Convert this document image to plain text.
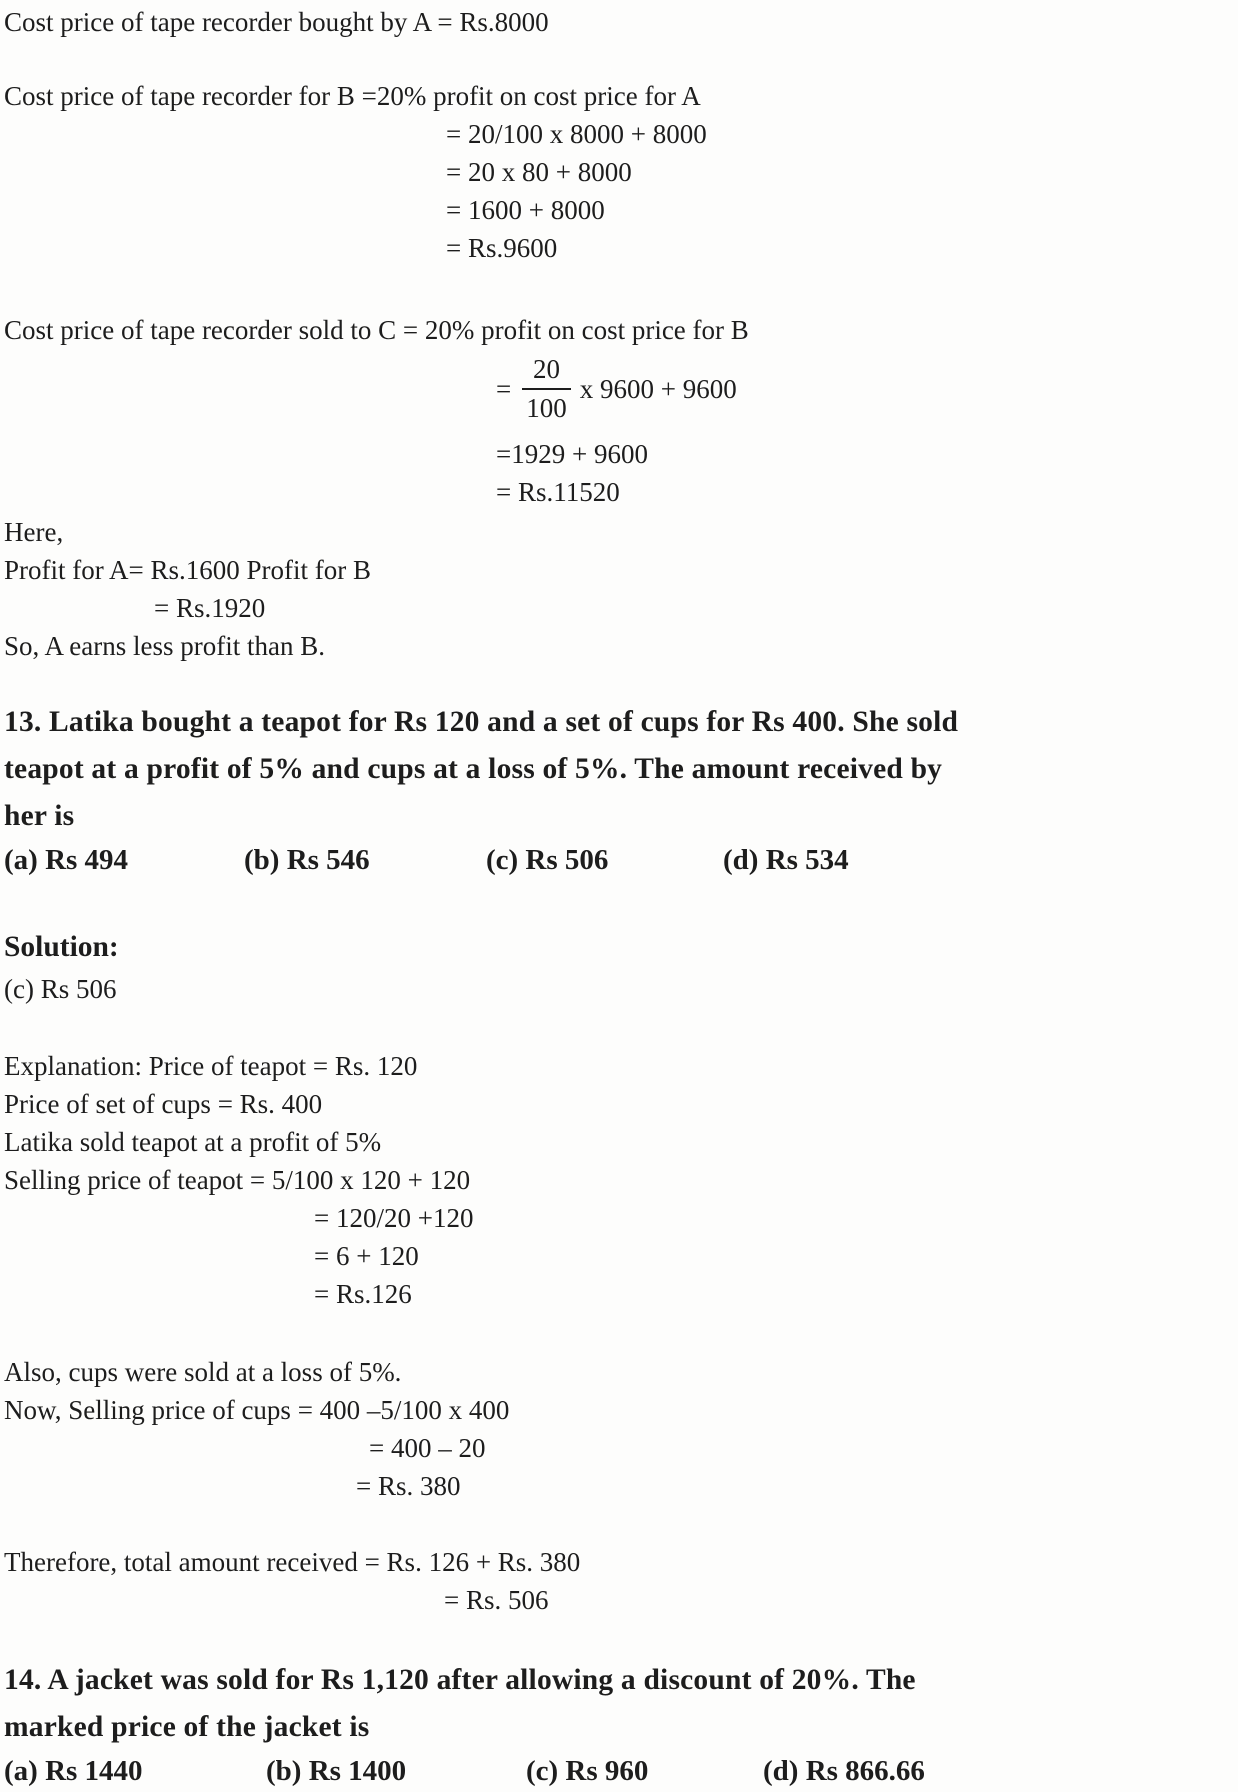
Cost price of tape recorder bought by A = Rs.8000
Cost price of tape recorder for B =20% profit on cost price for A
= 20/100 x 8000 + 8000
= 20 x 80 + 8000
= 1600 + 8000
= Rs.9600
Cost price of tape recorder sold to C = 20% profit on cost price for B
= $\frac{20}{100}$ x 9600 + 9600
=1929 + 9600
= Rs.11520
Here,
Profit for A= Rs.1600 Profit for B
= Rs.1920
So, A earns less profit than B.
13. Latika bought a teapot for Rs 120 and a set of cups for Rs 400. She sold
teapot at a profit of 5% and cups at a loss of 5%. The amount received by
her is
(a) Rs 494	(b) Rs 546	(c) Rs 506	(d) Rs 534
Solution:
(c) Rs 506
Explanation: Price of teapot = Rs. 120
Price of set of cups = Rs. 400
Latika sold teapot at a profit of 5%
Selling price of teapot = 5/100 x 120 + 120
= 120/20 +120
= 6 + 120
= Rs.126
Also, cups were sold at a loss of 5%.
Now, Selling price of cups = 400 –5/100 x 400
= 400 – 20
= Rs. 380
Therefore, total amount received = Rs. 126 + Rs. 380
= Rs. 506
14. A jacket was sold for Rs 1,120 after allowing a discount of 20%. The
marked price of the jacket is
(a) Rs 1440	(b) Rs 1400	(c) Rs 960	(d) Rs 866.66
